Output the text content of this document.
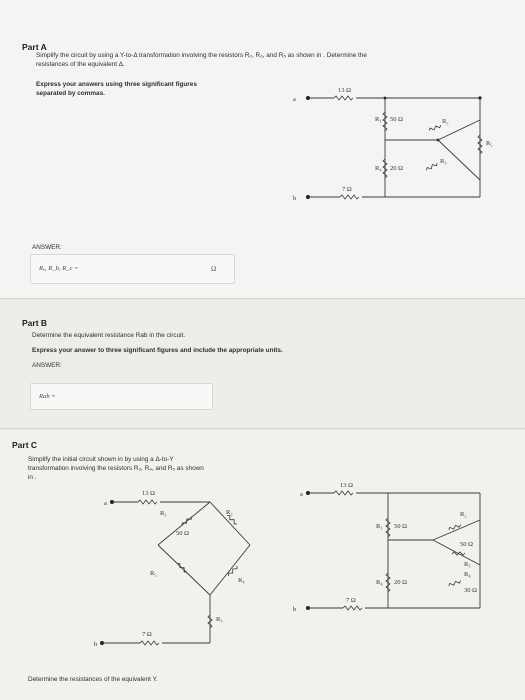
Part A
Simplify the circuit by using a Y-to-Δ transformation involving the resistors R₂, R₃, and R₅ as shown in . Determine the
resistances of the equivalent Δ.
Express your answers using three significant figures
separated by commas.
a
b
13 Ω
7 Ω
R₁ 50 Ω
R₄ 20 Ω
R₂
R₃
R₅
ANSWER:
Rₐ, R_b, R_c =	Ω
Part B
Determine the equivalent resistance Rab in the circuit.
Express your answer to three significant figures and include the appropriate units.
ANSWER:
Rab =
Part C
Simplify the initial circuit shown in by using a Δ-to-Y
transformation involving the resistors R₃, R₄, and R₅ as shown
in .
a
b
13 Ω
7 Ω
R₁
50 Ω
R₂
R₅
R₄
R₃
a
b
13 Ω
7 Ω
R₁ 50 Ω
R₄ 20 Ω
R₂
50 Ω
R₃
R₄
30 Ω
Determine the resistances of the equivalent Y.
